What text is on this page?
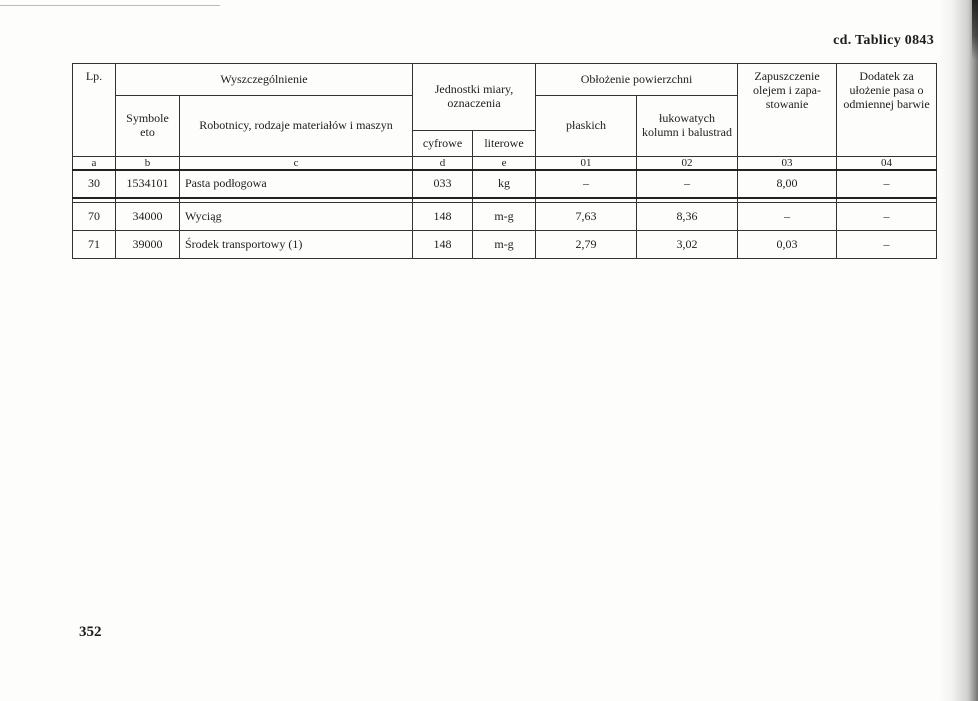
cd. Tablicy 0843
Lp.	Wyszczególnienie		Jednostki miary, oznaczenia		Obłożenie powierzchni		Zapuszczenie olejem i zapa-stowanie	Dodatek za ułożenie pasa o odmiennej barwie
	Symbole eto	Robotnicy, rodzaje materiałów i maszyn			płaskich	łukowatych kolumn i balustrad		
			cyfrowe	literowe				
a	b	c	d	e	01	02	03	04
30	1534101	Pasta podłogowa	033	kg	–	–	8,00	–

70	34000	Wyciąg	148	m-g	7,63	8,36	–	–
71	39000	Środek transportowy (1)	148	m-g	2,79	3,02	0,03	–
352
